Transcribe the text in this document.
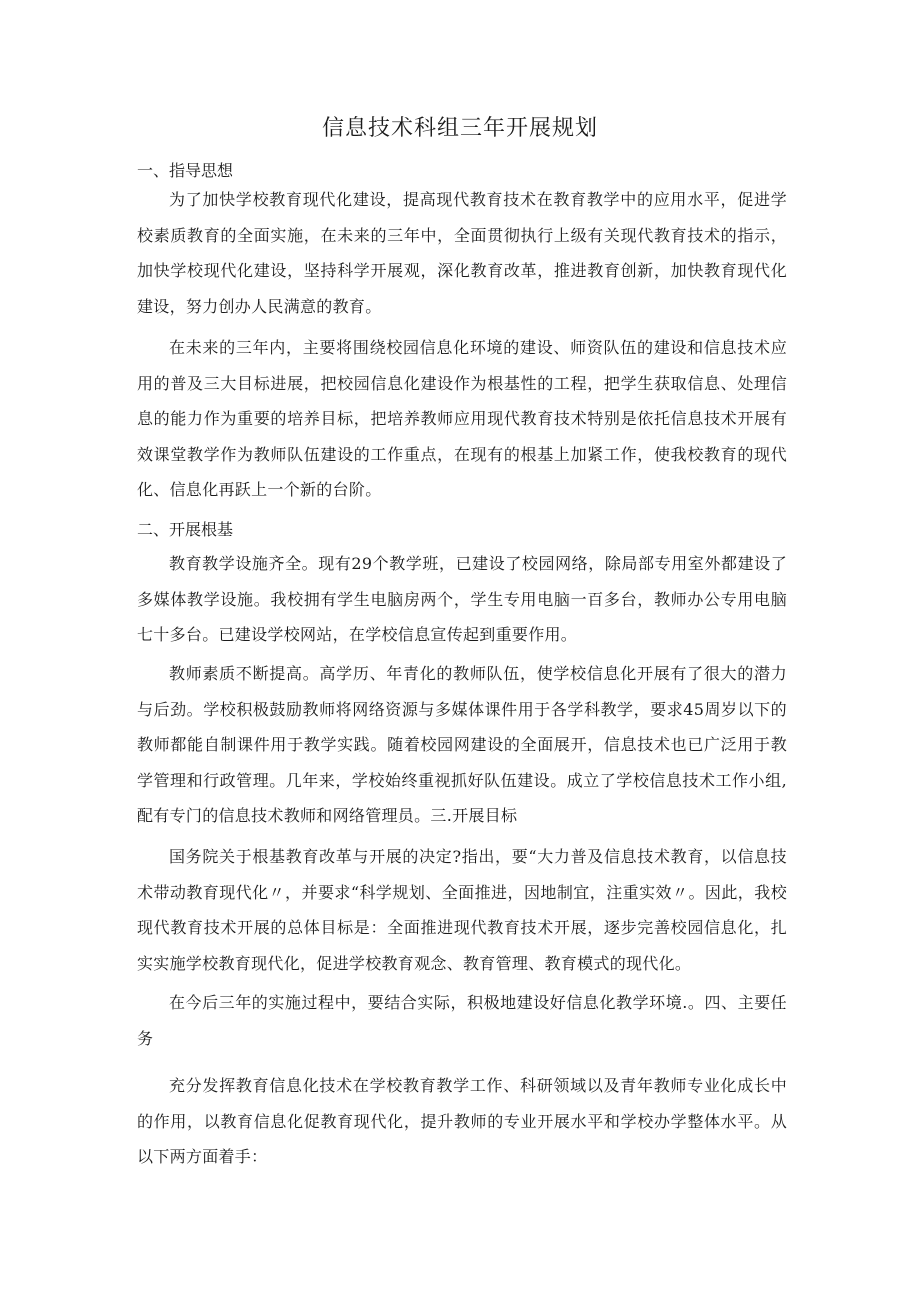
信息技术科组三年开展规划

一、指导思想

为了加快学校教育现代化建设，提高现代教育技术在教育教学中的应用水平，促进学校素质教育的全面实施，在未来的三年中，全面贯彻执行上级有关现代教育技术的指示，加快学校现代化建设，坚持科学开展观，深化教育改革，推进教育创新，加快教育现代化建设，努力创办人民满意的教育。

在未来的三年内，主要将围绕校园信息化环境的建设、师资队伍的建设和信息技术应用的普及三大目标进展，把校园信息化建设作为根基性的工程，把学生获取信息、处理信息的能力作为重要的培养目标，把培养教师应用现代教育技术特别是依托信息技术开展有效课堂教学作为教师队伍建设的工作重点，在现有的根基上加紧工作，使我校教育的现代化、信息化再跃上一个新的台阶。

二、开展根基

教育教学设施齐全。现有29个教学班，已建设了校园网络，除局部专用室外都建设了多媒体教学设施。我校拥有学生电脑房两个，学生专用电脑一百多台，教师办公专用电脑七十多台。已建设学校网站，在学校信息宣传起到重要作用。

教师素质不断提高。高学历、年青化的教师队伍，使学校信息化开展有了很大的潜力与后劲。学校积极鼓励教师将网络资源与多媒体课件用于各学科教学，要求45周岁以下的教师都能自制课件用于教学实践。随着校园网建设的全面展开，信息技术也已广泛用于教学管理和行政管理。几年来，学校始终重视抓好队伍建设。成立了学校信息技术工作小组,配有专门的信息技术教师和网络管理员。三.开展目标

国务院关于根基教育改革与开展的决定?指出，要“大力普及信息技术教育，以信息技术带动教育现代化〃，并要求“科学规划、全面推进，因地制宜，注重实效〃。因此，我校现代教育技术开展的总体目标是：全面推进现代教育技术开展，逐步完善校园信息化，扎实实施学校教育现代化，促进学校教育观念、教育管理、教育模式的现代化。

在今后三年的实施过程中，要结合实际，积极地建设好信息化教学环境.。四、主要任务

充分发挥教育信息化技术在学校教育教学工作、科研领域以及青年教师专业化成长中的作用，以教育信息化促教育现代化，提升教师的专业开展水平和学校办学整体水平。从以下两方面着手：
